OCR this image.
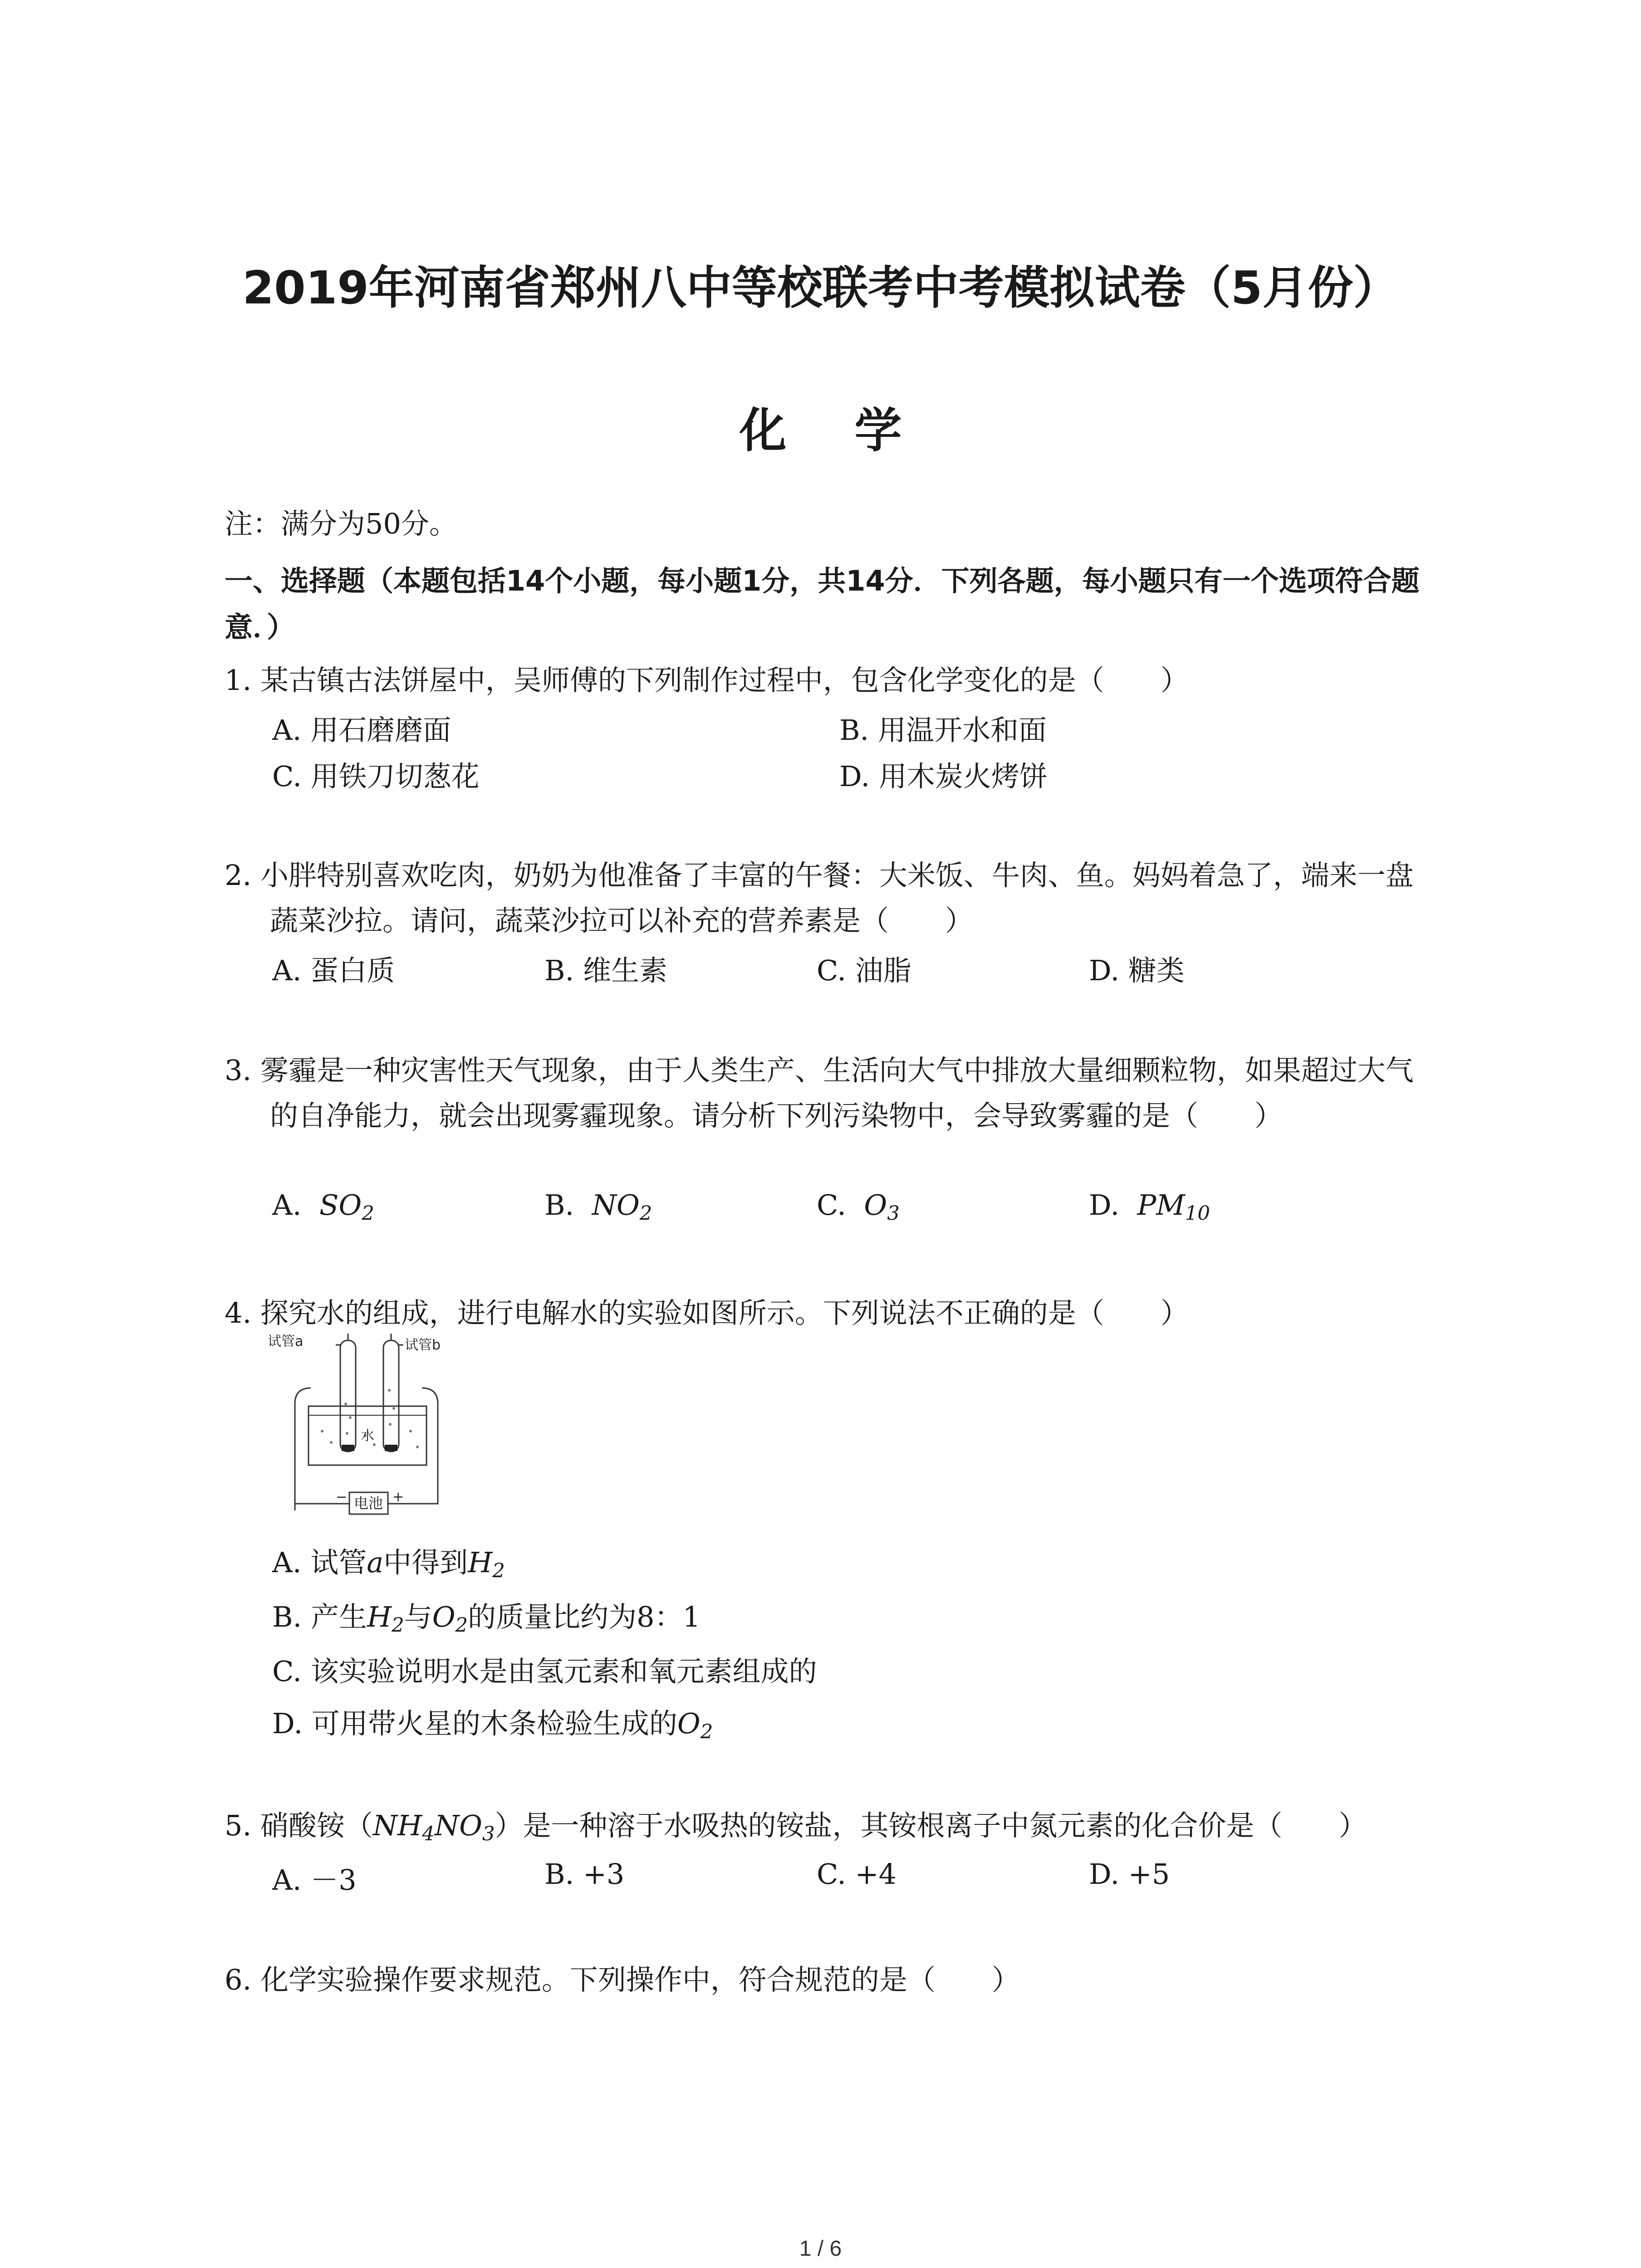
2019年河南省郑州八中等校联考中考模拟试卷（5月份）
化学
注：满分为50分。
一、选择题（本题包括14个小题，每小题1分，共14分．下列各题，每小题只有一个选项符合题意．）
1. 某古镇古法饼屋中，吴师傅的下列制作过程中，包含化学变化的是（　　）
A. 用石磨磨面	B. 用温开水和面
C. 用铁刀切葱花	D. 用木炭火烤饼
2. 小胖特别喜欢吃肉，奶奶为他准备了丰富的午餐：大米饭、牛肉、鱼。妈妈着急了，端来一盘蔬菜沙拉。请问，蔬菜沙拉可以补充的营养素是（　　）
A. 蛋白质	B. 维生素	C. 油脂	D. 糖类
3. 雾霾是一种灾害性天气现象，由于人类生产、生活向大气中排放大量细颗粒物，如果超过大气的自净能力，就会出现雾霾现象。请分析下列污染物中，会导致雾霾的是（　　）
A. $SO_2$	B. $NO_2$	C. $O_3$	D. $PM_{10}$
4. 探究水的组成，进行电解水的实验如图所示。下列说法不正确的是（　　）
试管a	试管b
水
电池
−	+
A. 试管a中得到$H_2$
B. 产生$H_2$与$O_2$的质量比约为8：1
C. 该实验说明水是由氢元素和氧元素组成的
D. 可用带火星的木条检验生成的$O_2$
5. 硝酸铵$(NH_4NO_3)$是一种溶于水吸热的铵盐，其铵根离子中氮元素的化合价是（　　）
A. －3	B. +3	C. +4	D. +5
6. 化学实验操作要求规范。下列操作中，符合规范的是（　　）
1 / 6
